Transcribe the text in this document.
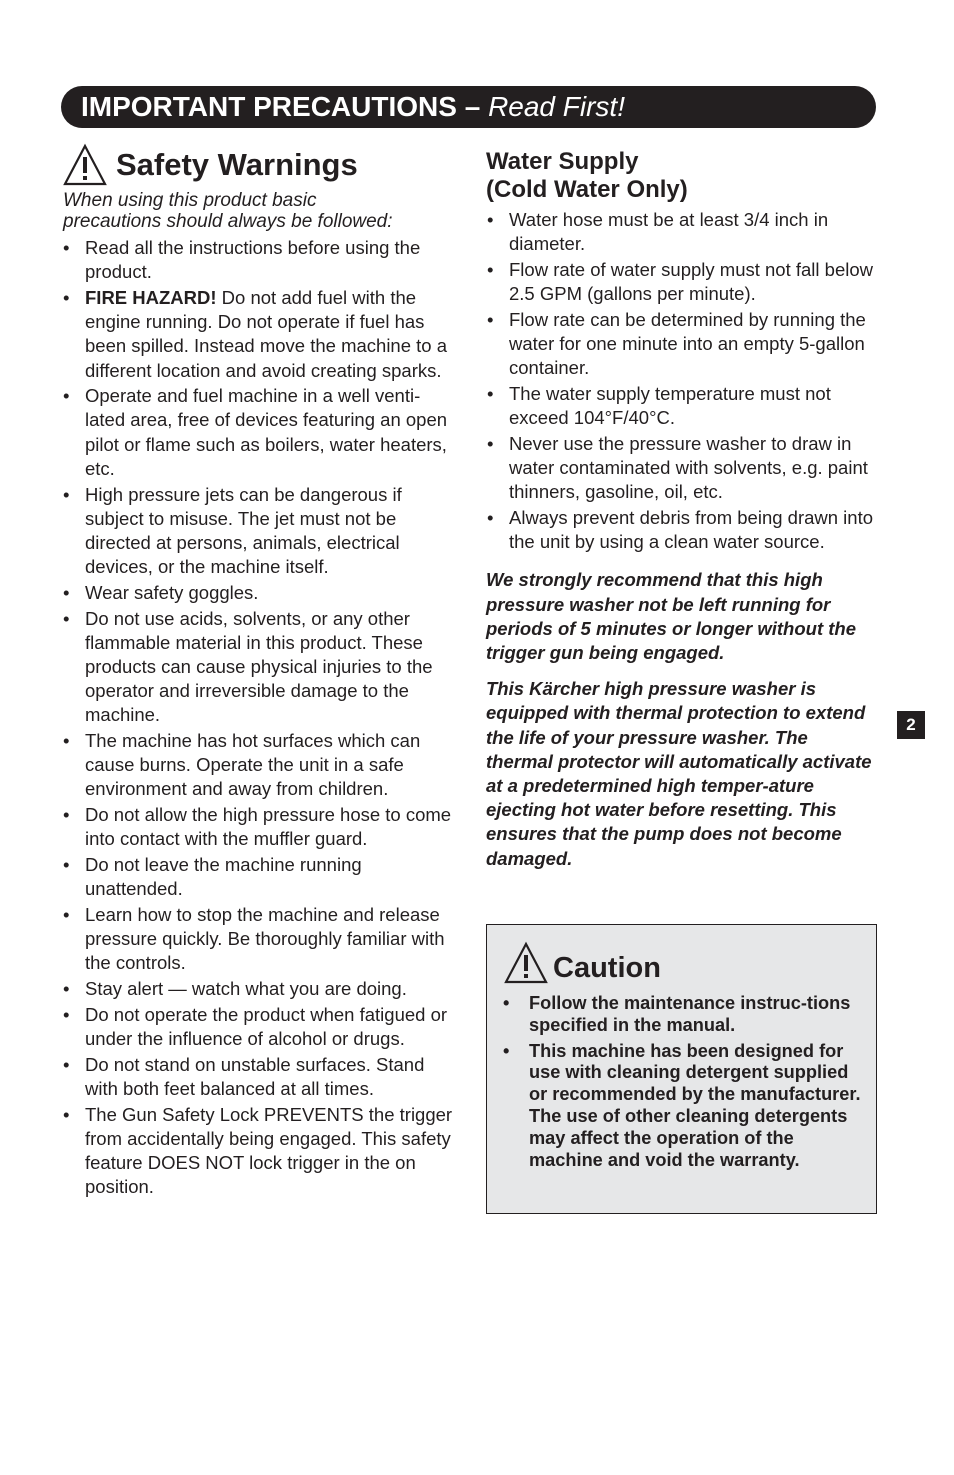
IMPORTANT PRECAUTIONS – Read First!
Safety Warnings

When using this product basic
precautions should always be followed:

• Read all the instructions before using the product.
• FIRE HAZARD! Do not add fuel with the engine running. Do not operate if fuel has been spilled. Instead move the machine to a different location and avoid creating sparks.
• Operate and fuel machine in a well venti-lated area, free of devices featuring an open pilot or flame such as boilers, water heaters, etc.
• High pressure jets can be dangerous if subject to misuse. The jet must not be directed at persons, animals, electrical devices, or the machine itself.
• Wear safety goggles.
• Do not use acids, solvents, or any other flammable material in this product. These products can cause physical injuries to the operator and irreversible damage to the machine.
• The machine has hot surfaces which can cause burns. Operate the unit in a safe environment and away from children.
• Do not allow the high pressure hose to come into contact with the muffler guard.
• Do not leave the machine running unattended.
• Learn how to stop the machine and release pressure quickly. Be thoroughly familiar with the controls.
• Stay alert — watch what you are doing.
• Do not operate the product when fatigued or under the influence of alcohol or drugs.
• Do not stand on unstable surfaces. Stand with both feet balanced at all times.
• The Gun Safety Lock PREVENTS the trigger from accidentally being engaged. This safety feature DOES NOT lock trigger in the on position.
Water Supply
(Cold Water Only)
• Water hose must be at least 3/4 inch in diameter.
• Flow rate of water supply must not fall below 2.5 GPM (gallons per minute).
• Flow rate can be determined by running the water for one minute into an empty 5-gallon container.
• The water supply temperature must not exceed 104°F/40°C.
• Never use the pressure washer to draw in water contaminated with solvents, e.g. paint thinners, gasoline, oil, etc.
• Always prevent debris from being drawn into the unit by using a clean water source.

We strongly recommend that this high pressure washer not be left running for periods of 5 minutes or longer without the trigger gun being engaged.

This Kärcher high pressure washer is equipped with thermal protection to extend the life of your pressure washer. The thermal protector will automatically activate at a predetermined high temper-ature ejecting hot water before resetting. This ensures that the pump does not become damaged.

2
Caution
• Follow the maintenance instruc-tions specified in the manual.
• This machine has been designed for use with cleaning detergent supplied or recommended by the manufacturer. The use of other cleaning detergents may affect the operation of the machine and void the warranty.
